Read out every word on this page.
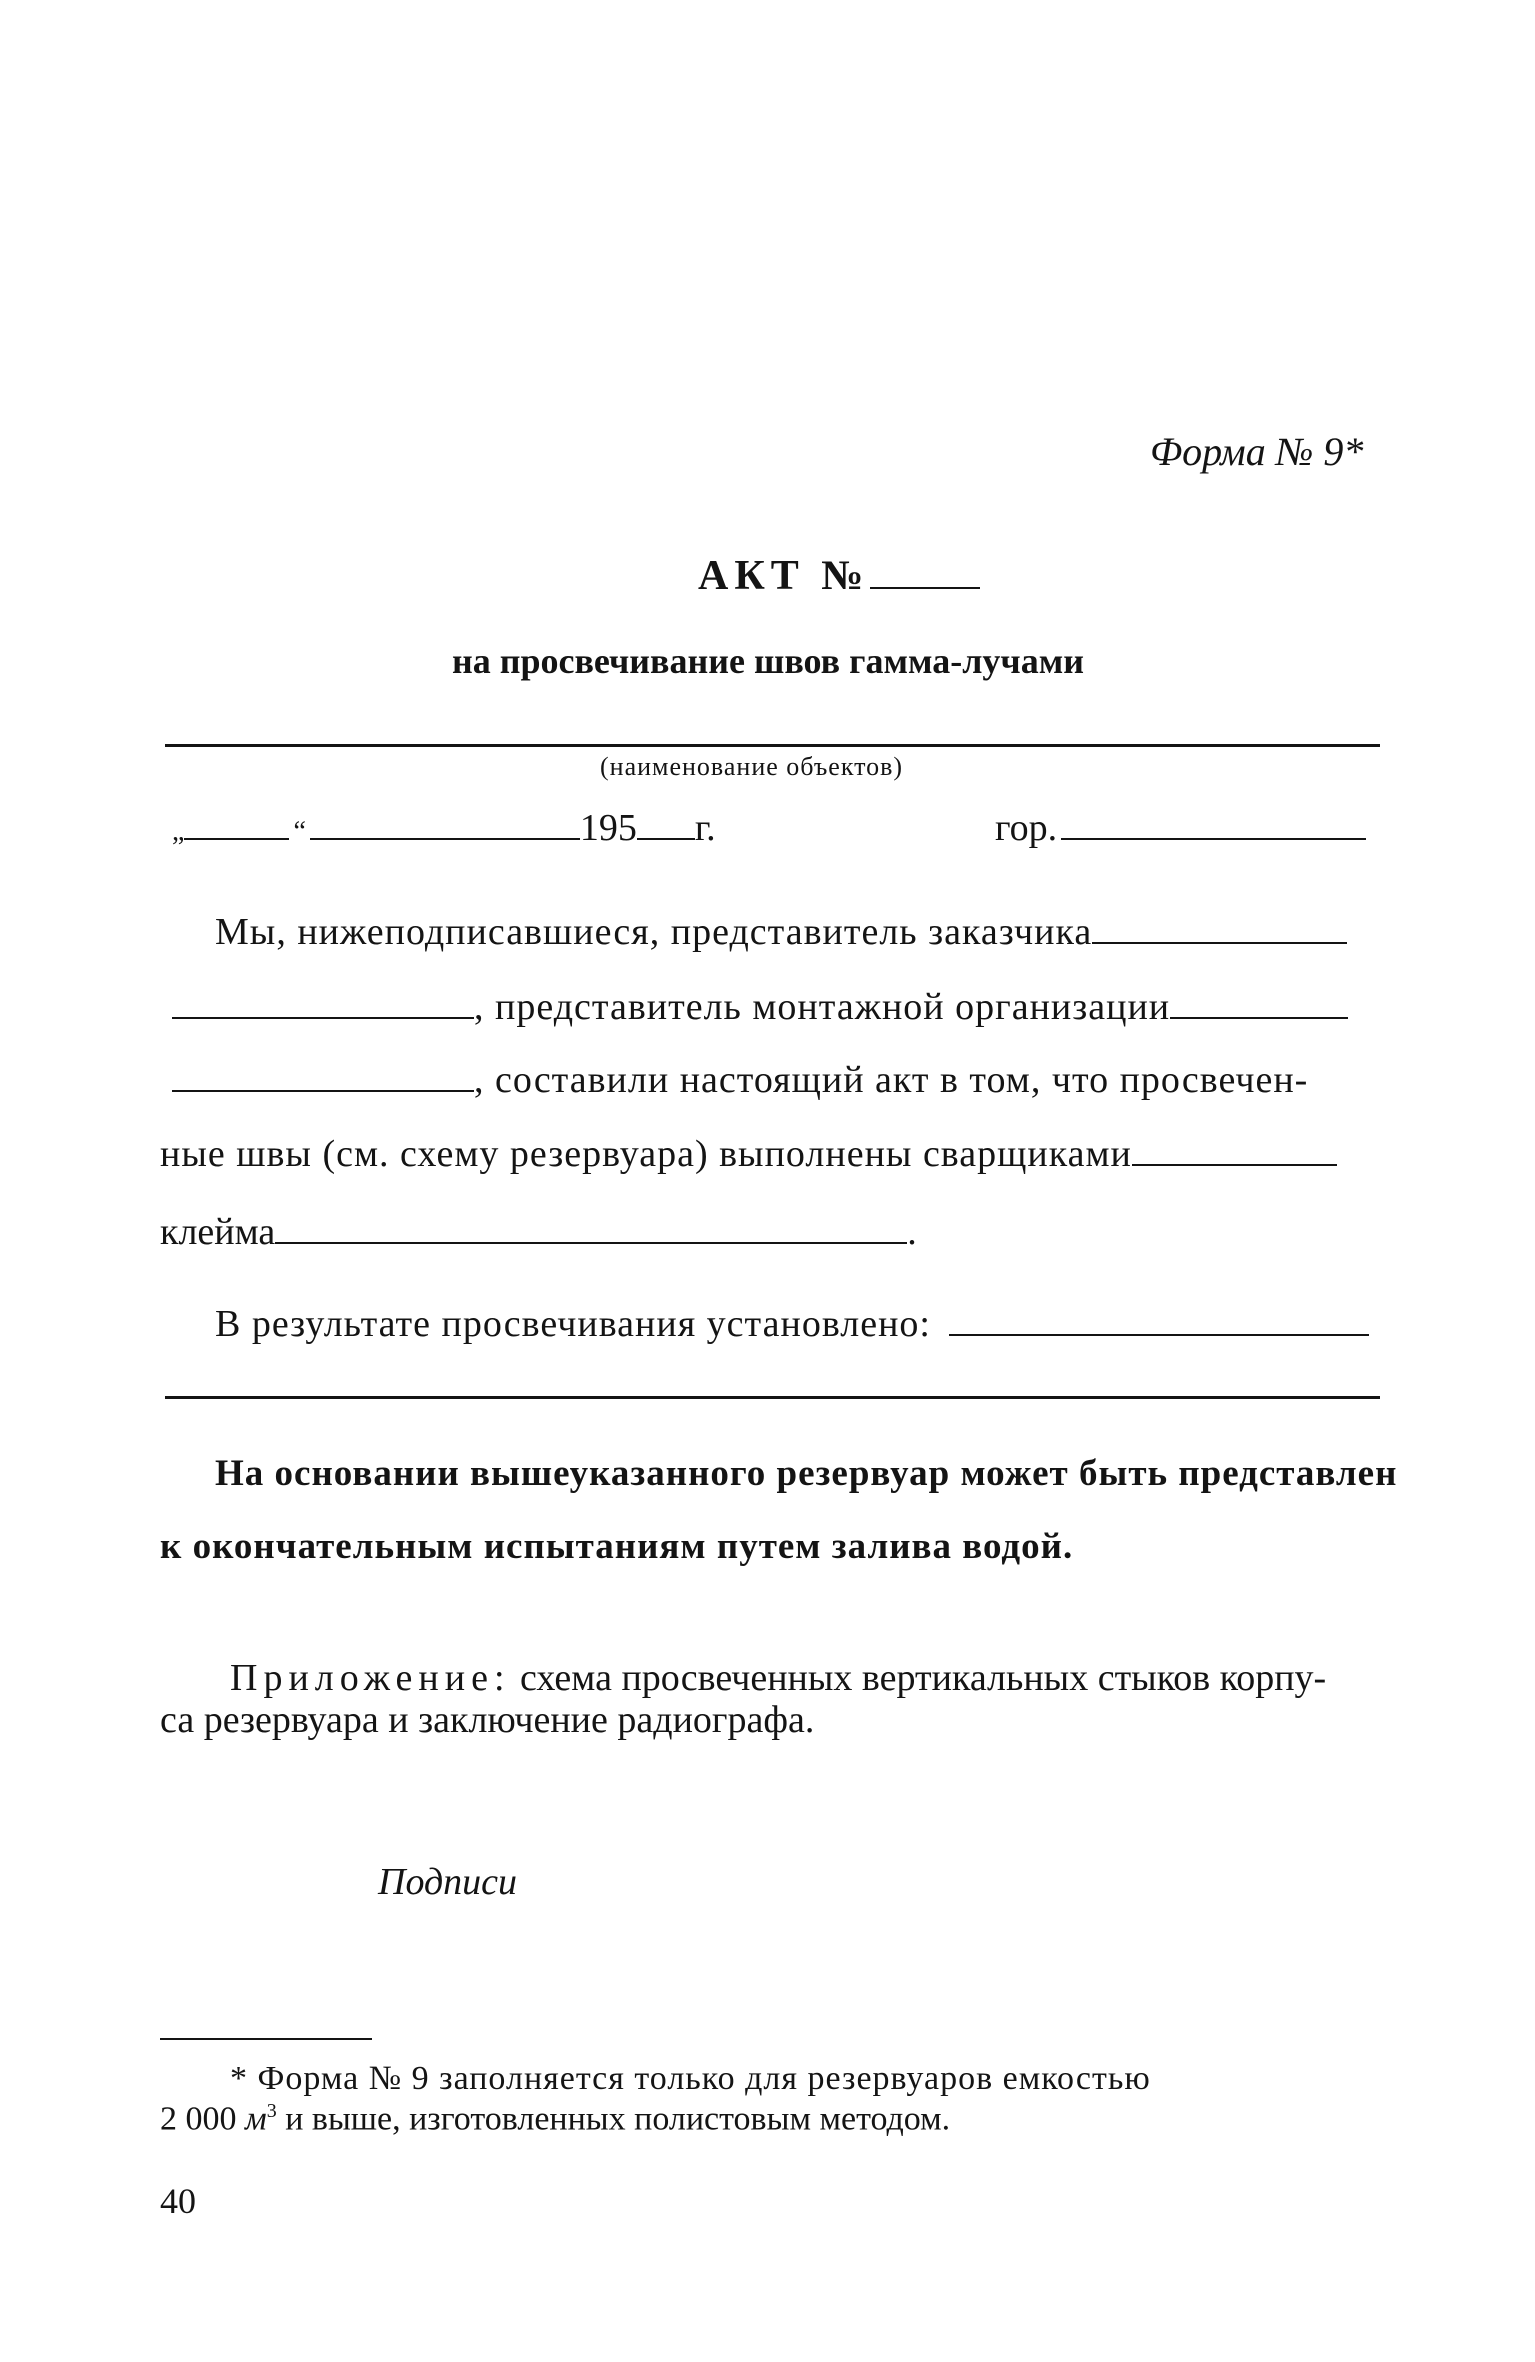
Форма № 9*
АКТ №
на просвечивание швов гамма-лучами
(наименование объектов)
„	“	195 г.	гор.
Мы, нижеподписавшиеся, представитель заказчика
, представитель монтажной организации
, составили настоящий акт в том, что просвечен-
ные швы (см. схему резервуара) выполнены сварщиками
клейма	.
В результате просвечивания установлено:
На основании вышеуказанного резервуар может быть представлен
к окончательным испытаниям путем залива водой.
Приложение: схема просвеченных вертикальных стыков корпу-
са резервуара и заключение радиографа.
Подписи
* Форма № 9 заполняется только для резервуаров емкостью
2 000 $м^3$ и выше, изготовленных полистовым методом.
40
